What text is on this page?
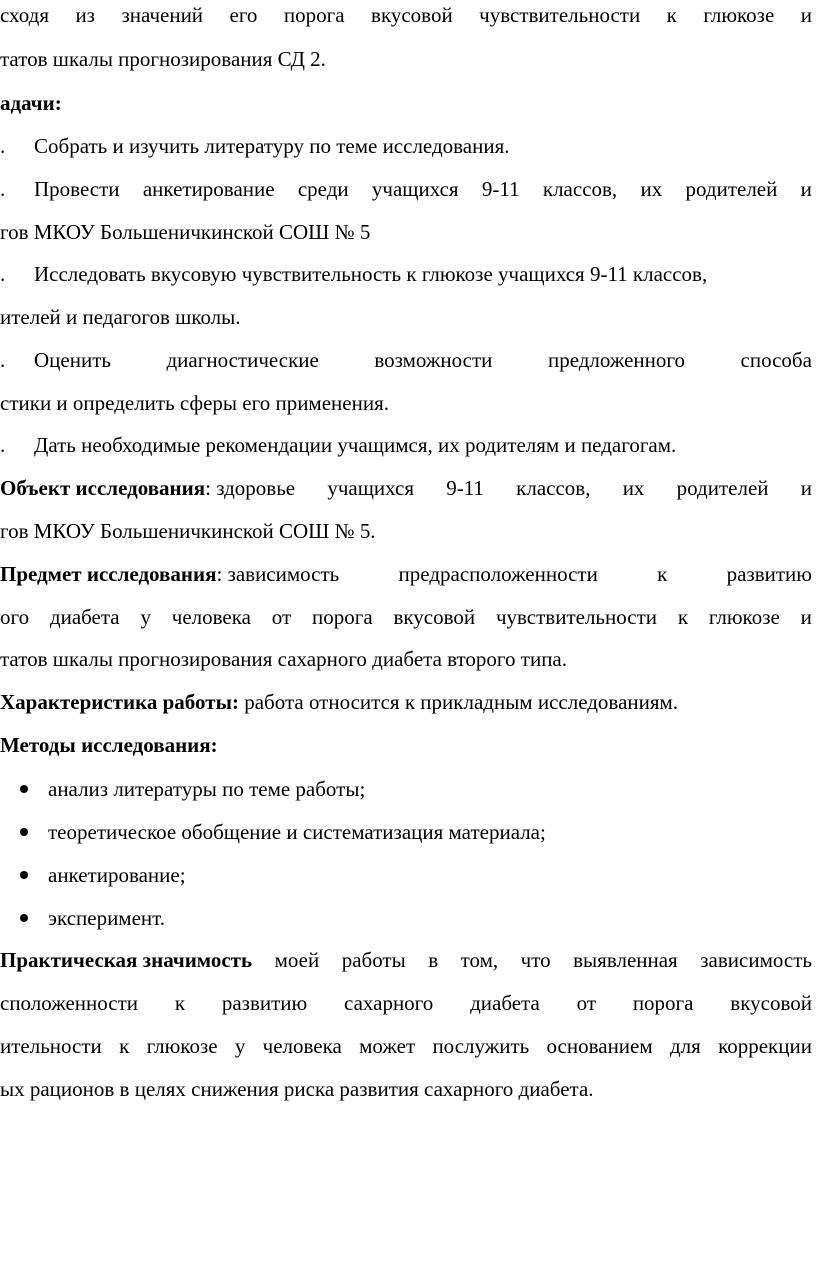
сходя из значений его порога вкусовой чувствительности к глюкозе и
татов шкалы прогнозирования СД 2.
адачи:
. Собрать и изучить литературу по теме исследования.
. Провести анкетирование среди учащихся 9-11 классов, их родителей и
гов МКОУ Большеничкинской СОШ № 5
. Исследовать вкусовую чувствительность к глюкозе учащихся 9-11 классов,
ителей и педагогов школы.
. Оценить	диагностические	возможности	предложенного	способа
стики и определить сферы его применения.
. Дать необходимые рекомендации учащимся, их родителям и педагогам.
Объект исследования : здоровье учащихся 9-11 классов, их родителей и
гов МКОУ Большеничкинской СОШ № 5.
Предмет исследования : зависимость	предрасположенности	к	развитию
ого диабета у человека от порога вкусовой чувствительности к глюкозе и
татов шкалы прогнозирования сахарного диабета второго типа.
Характеристика работы: работа относится к прикладным исследованиям.
Методы исследования:
анализ литературы по теме работы;
теоретическое обобщение и систематизация материала;
анкетирование;
эксперимент.
Практическая значимость моей работы в том, что выявленная зависимость
сположенности к развитию сахарного диабета от порога вкусовой
ительности к глюкозе у человека может послужить основанием для коррекции
ых рационов в целях снижения риска развития сахарного диабета.
